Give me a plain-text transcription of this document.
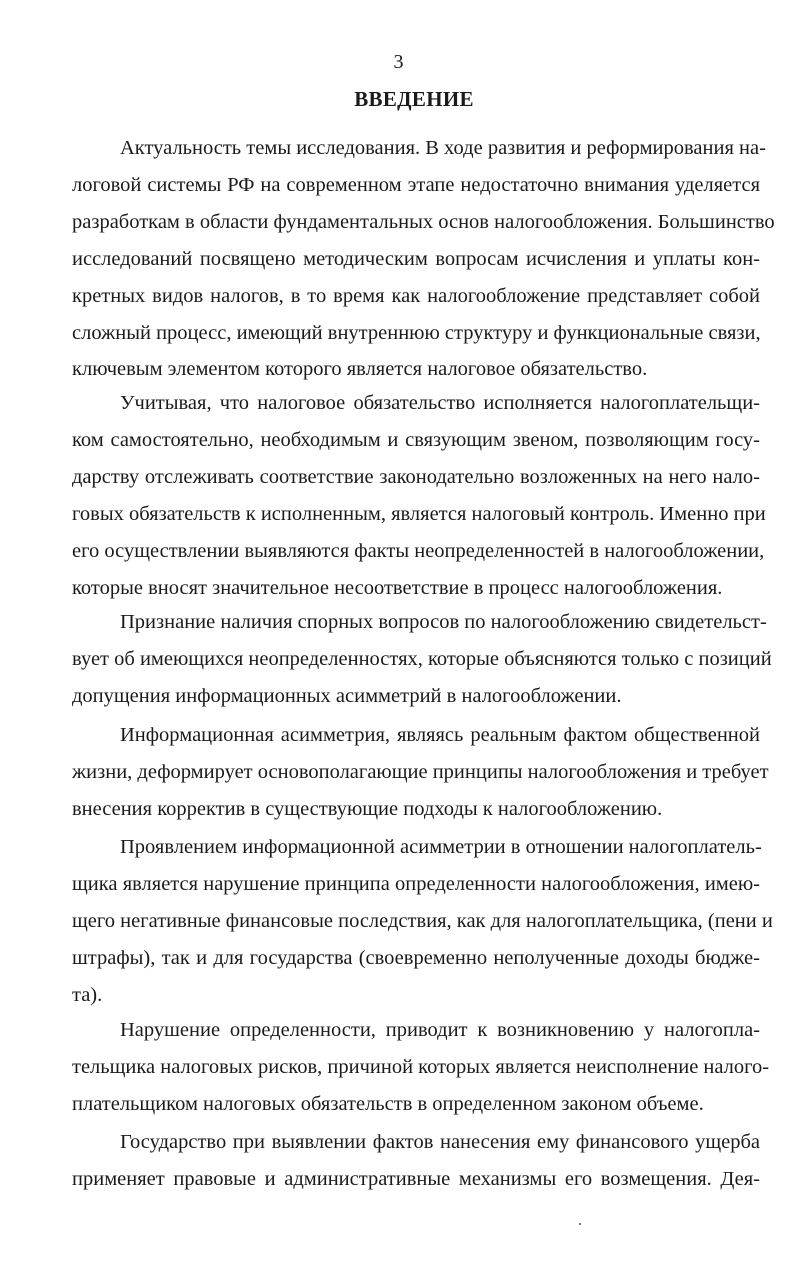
3
ВВЕДЕНИЕ

Актуальность темы исследования. В ходе развития и реформирования на-
логовой системы РФ на современном этапе недостаточно внимания уделяется
разработкам в области фундаментальных основ налогообложения. Большинство
исследований посвящено методическим вопросам исчисления и уплаты кон-
кретных видов налогов, в то время как налогообложение представляет собой
сложный процесс, имеющий внутреннюю структуру и функциональные связи,
ключевым элементом которого является налоговое обязательство.

Учитывая, что налоговое обязательство исполняется налогоплательщи-
ком самостоятельно, необходимым и связующим звеном, позволяющим госу-
дарству отслеживать соответствие законодательно возложенных на него нало-
говых обязательств к исполненным, является налоговый контроль. Именно при
его осуществлении выявляются факты неопределенностей в налогообложении,
которые вносят значительное несоответствие в процесс налогообложения.

Признание наличия спорных вопросов по налогообложению свидетельст-
вует об имеющихся неопределенностях, которые объясняются только с позиций
допущения информационных асимметрий в налогообложении.

Информационная асимметрия, являясь реальным фактом общественной
жизни, деформирует основополагающие принципы налогообложения и требует
внесения корректив в существующие подходы к налогообложению.

Проявлением информационной асимметрии в отношении налогоплатель-
щика является нарушение принципа определенности налогообложения, имею-
щего негативные финансовые последствия, как для налогоплательщика, (пени и
штрафы), так и для государства (своевременно неполученные доходы бюдже-
та).

Нарушение определенности, приводит к возникновению у налогопла-
тельщика налоговых рисков, причиной которых является неисполнение налого-
плательщиком налоговых обязательств в определенном законом объеме.

Государство при выявлении фактов нанесения ему финансового ущерба
применяет правовые и административные механизмы его возмещения. Дея-
